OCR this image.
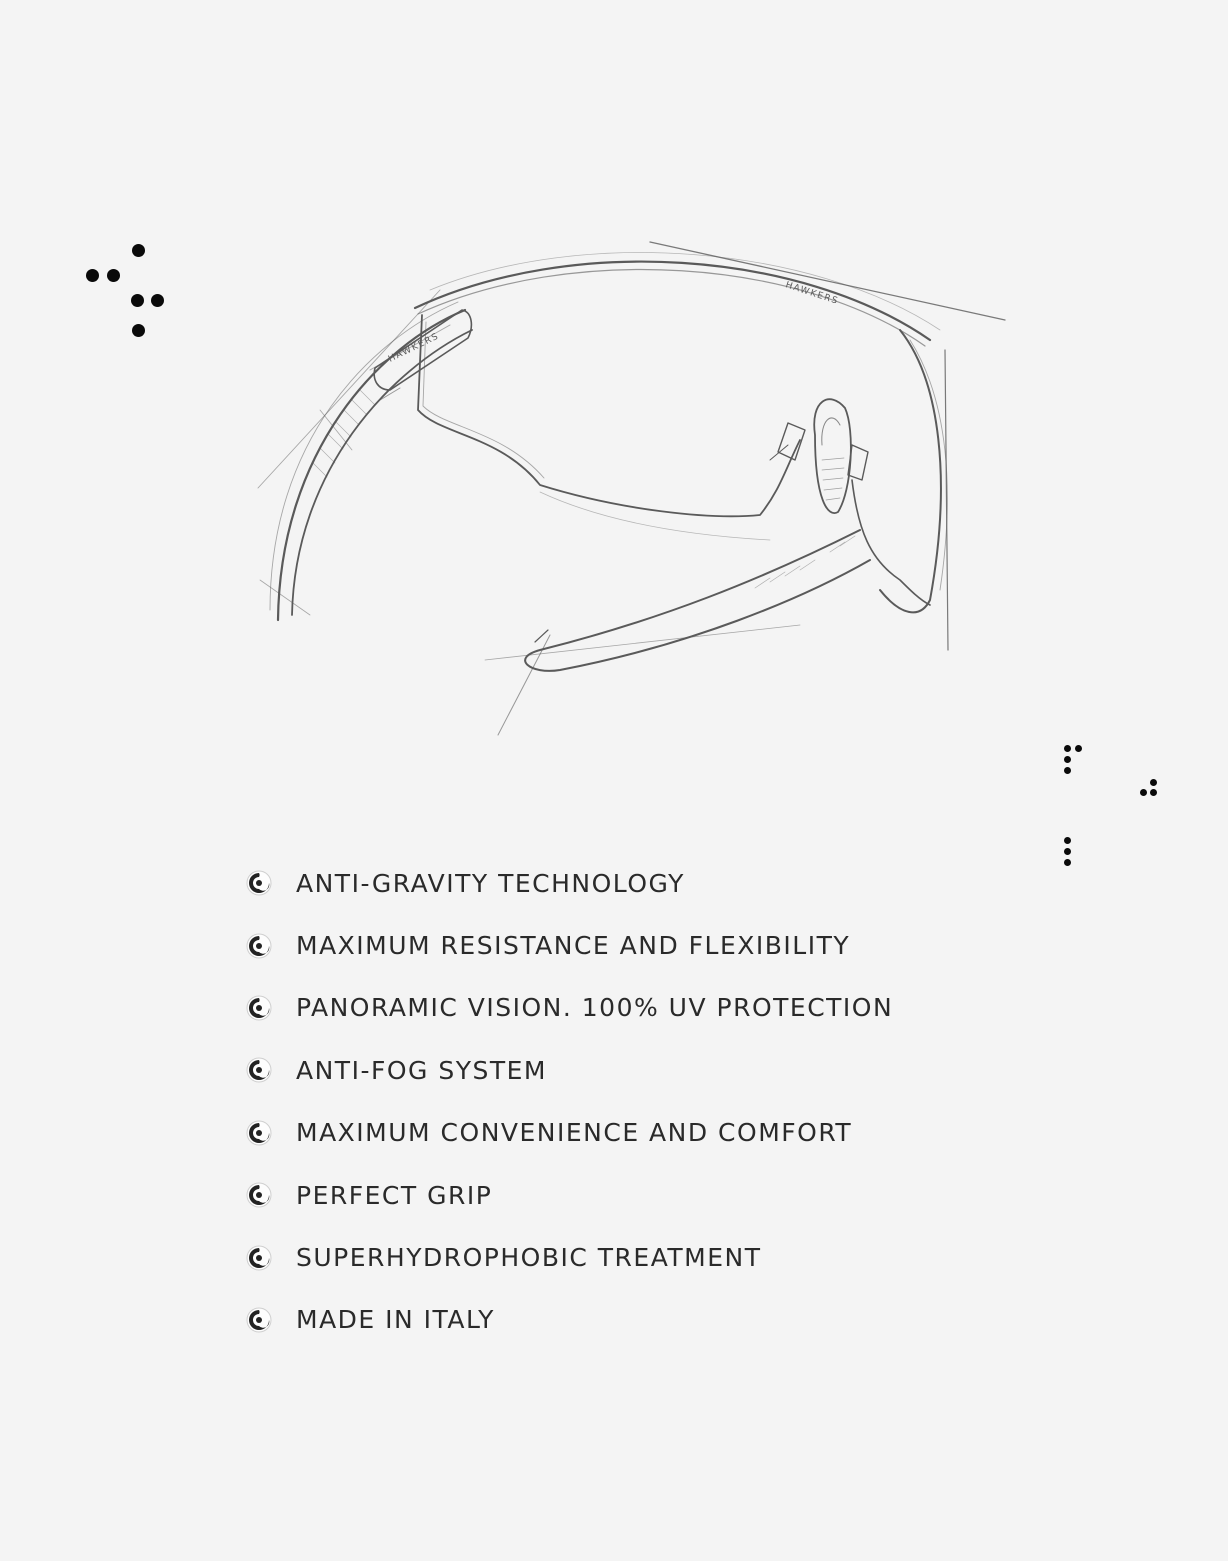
HAWKERS
HAWKERS
ANTI-GRAVITY TECHNOLOGY
MAXIMUM RESISTANCE AND FLEXIBILITY
PANORAMIC VISION. 100% UV PROTECTION
ANTI-FOG SYSTEM
MAXIMUM CONVENIENCE AND COMFORT
PERFECT GRIP
SUPERHYDROPHOBIC TREATMENT
MADE IN ITALY
